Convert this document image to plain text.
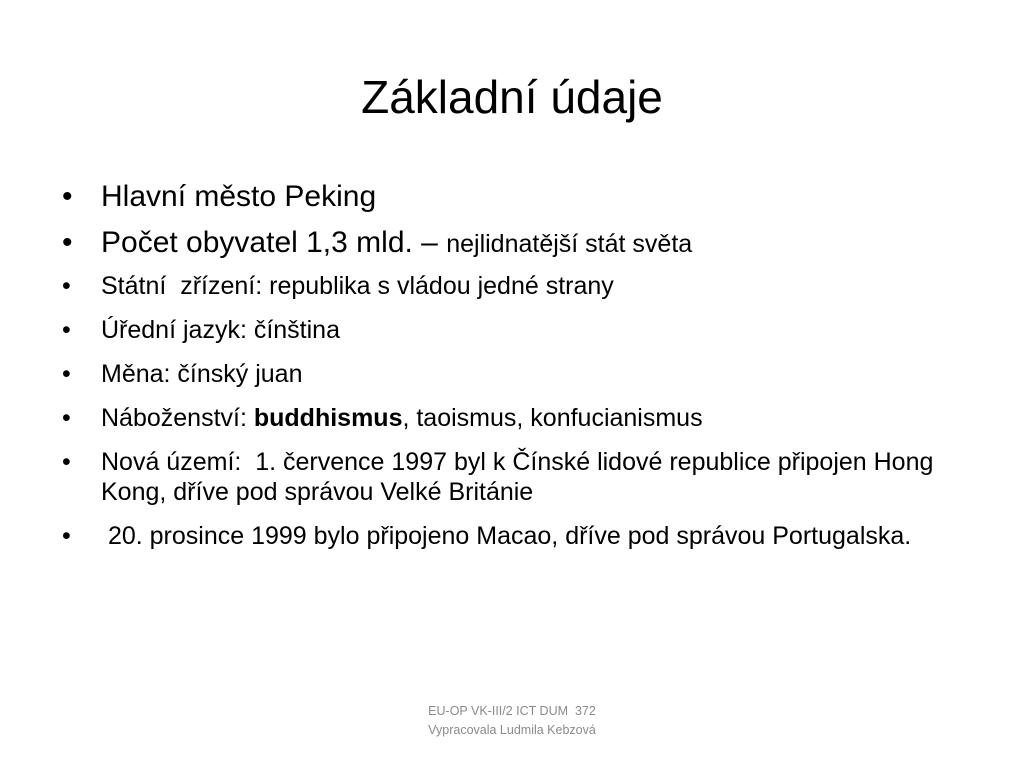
Základní údaje
• Hlavní město Peking
• Počet obyvatel 1,3 mld. – nejlidnatější stát světa
• Státní  zřízení: republika s vládou jedné strany
• Úřední jazyk: čínština
• Měna: čínský juan
• Náboženství: buddhismus, taoismus, konfucianismus
• Nová území:  1. července 1997 byl k Čínské lidové republice připojen Hong Kong, dříve pod správou Velké Británie
• 20. prosince 1999 bylo připojeno Macao, dříve pod správou Portugalska.
EU-OP VK-III/2 ICT DUM  372
Vypracovala Ludmila Kebzová
